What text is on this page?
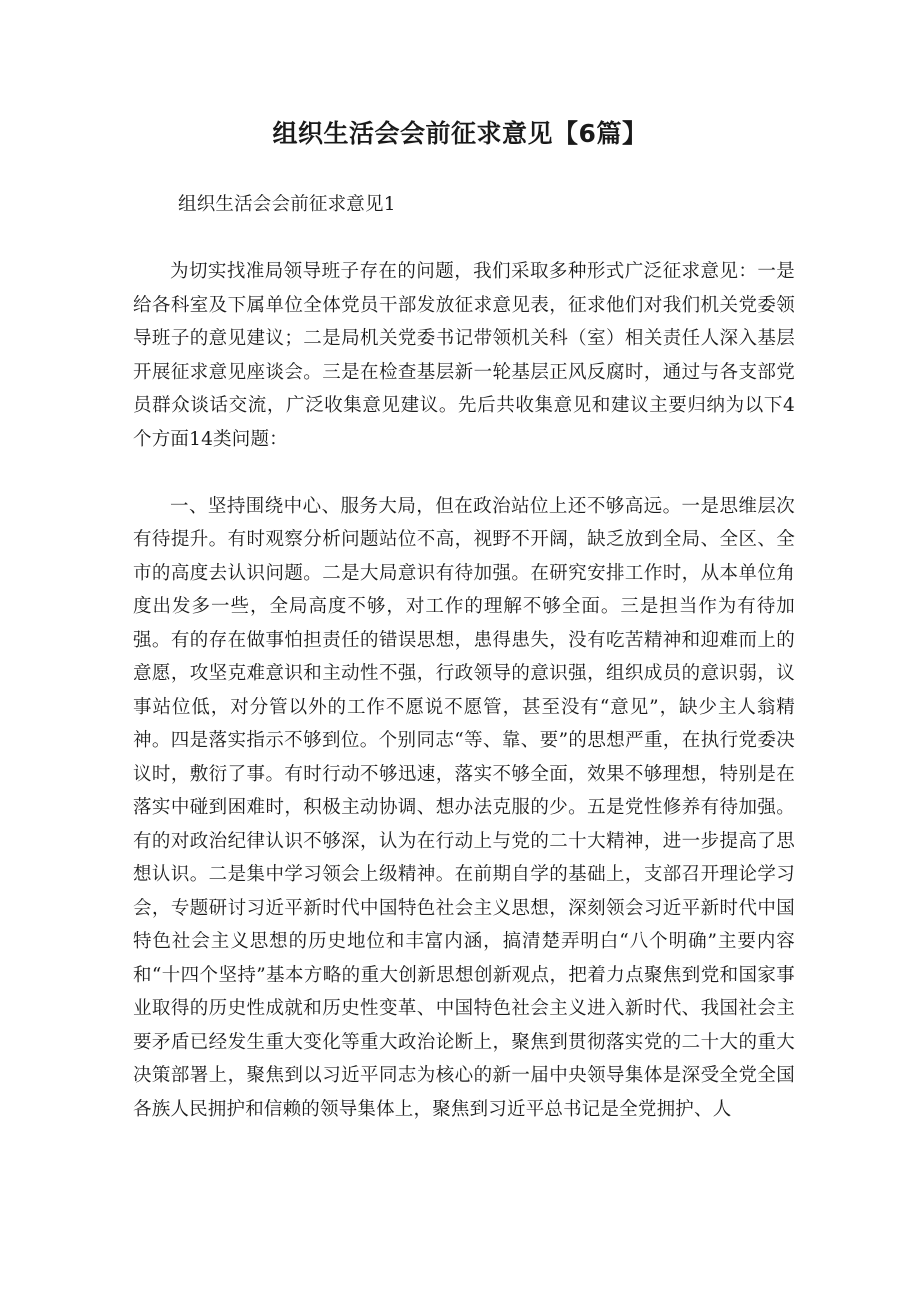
组织生活会会前征求意见【6篇】

组织生活会会前征求意见1

为切实找准局领导班子存在的问题，我们采取多种形式广泛征求意见：一是给各科室及下属单位全体党员干部发放征求意见表，征求他们对我们机关党委领导班子的意见建议；二是局机关党委书记带领机关科（室）相关责任人深入基层开展征求意见座谈会。三是在检查基层新一轮基层正风反腐时，通过与各支部党员群众谈话交流，广泛收集意见建议。先后共收集意见和建议主要归纳为以下4个方面14类问题：

一、坚持围绕中心、服务大局，但在政治站位上还不够高远。一是思维层次有待提升。有时观察分析问题站位不高，视野不开阔，缺乏放到全局、全区、全市的高度去认识问题。二是大局意识有待加强。在研究安排工作时，从本单位角度出发多一些，全局高度不够，对工作的理解不够全面。三是担当作为有待加强。有的存在做事怕担责任的错误思想，患得患失，没有吃苦精神和迎难而上的意愿，攻坚克难意识和主动性不强，行政领导的意识强，组织成员的意识弱，议事站位低，对分管以外的工作不愿说不愿管，甚至没有“意见”，缺少主人翁精神。四是落实指示不够到位。个别同志“等、靠、要”的思想严重，在执行党委决议时，敷衍了事。有时行动不够迅速，落实不够全面，效果不够理想，特别是在落实中碰到困难时，积极主动协调、想办法克服的少。五是党性修养有待加强。有的对政治纪律认识不够深，认为在行动上与党的二十大精神，进一步提高了思想认识。二是集中学习领会上级精神。在前期自学的基础上，支部召开理论学习会，专题研讨习近平新时代中国特色社会主义思想，深刻领会习近平新时代中国特色社会主义思想的历史地位和丰富内涵，搞清楚弄明白“八个明确”主要内容和“十四个坚持”基本方略的重大创新思想创新观点，把着力点聚焦到党和国家事业取得的历史性成就和历史性变革、中国特色社会主义进入新时代、我国社会主要矛盾已经发生重大变化等重大政治论断上，聚焦到贯彻落实党的二十大的重大决策部署上，聚焦到以习近平同志为核心的新一届中央领导集体是深受全党全国各族人民拥护和信赖的领导集体上，聚焦到习近平总书记是全党拥护、人
